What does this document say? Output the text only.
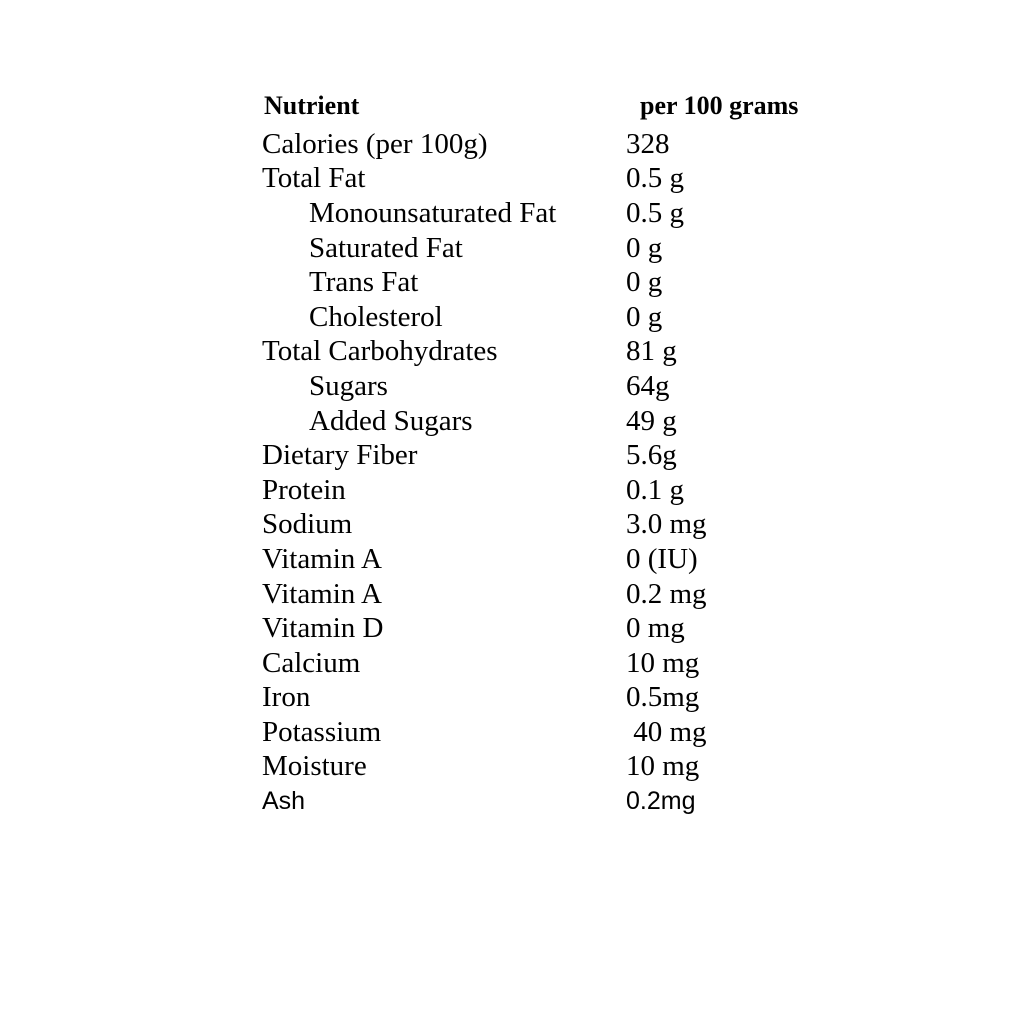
Nutrient	per 100 grams
Calories (per 100g)	328
Total Fat	0.5 g
Monounsaturated Fat	0.5 g
Saturated Fat	0 g
Trans Fat	0 g
Cholesterol	0 g
Total Carbohydrates	81 g
Sugars	64g
Added Sugars	49 g
Dietary Fiber	5.6g
Protein	0.1 g
Sodium	3.0 mg
Vitamin A	0 (IU)
Vitamin A	0.2 mg
Vitamin D	0 mg
Calcium	10 mg
Iron	0.5mg
Potassium	40 mg
Moisture	10 mg
Ash	0.2mg
